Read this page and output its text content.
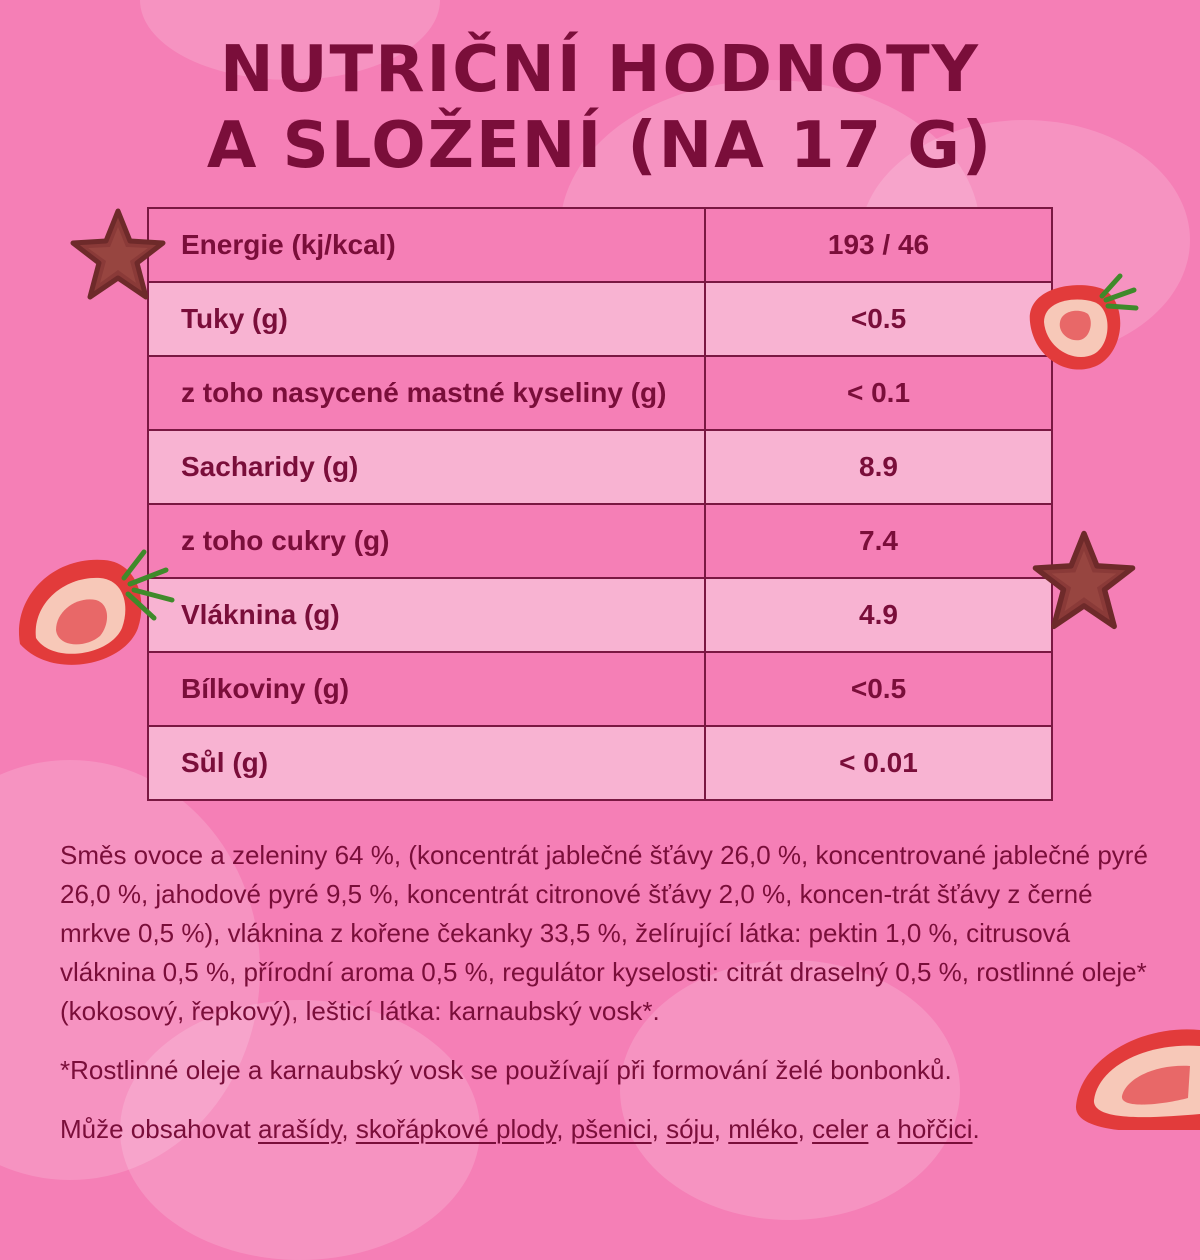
NUTRIČNÍ HODNOTY
A SLOŽENÍ (NA 17 G)
Energie (kj/kcal)	193 / 46
Tuky (g)	<0.5
z toho nasycené mastné kyseliny (g)	< 0.1
Sacharidy (g)	8.9
z toho cukry (g)	7.4
Vláknina (g)	4.9
Bílkoviny (g)	<0.5
Sůl (g)	< 0.01

Směs ovoce a zeleniny 64 %, (koncentrát jablečné šťávy 26,0 %, koncentrované jablečné pyré 26,0 %, jahodové pyré 9,5 %, koncentrát citronové šťávy 2,0 %, koncen-trát šťávy z černé mrkve 0,5 %), vláknina z kořene čekanky 33,5 %, želírující látka: pektin 1,0 %, citrusová vláknina 0,5 %, přírodní aroma 0,5 %, regulátor kyselosti: citrát draselný 0,5 %, rostlinné oleje* (kokosový, řepkový), lešticí látka: karnaubský vosk*.

*Rostlinné oleje a karnaubský vosk se používají při formování želé bonbonků.

Může obsahovat arašídy, skořápkové plody, pšenici, sóju, mléko, celer a hořčici.
